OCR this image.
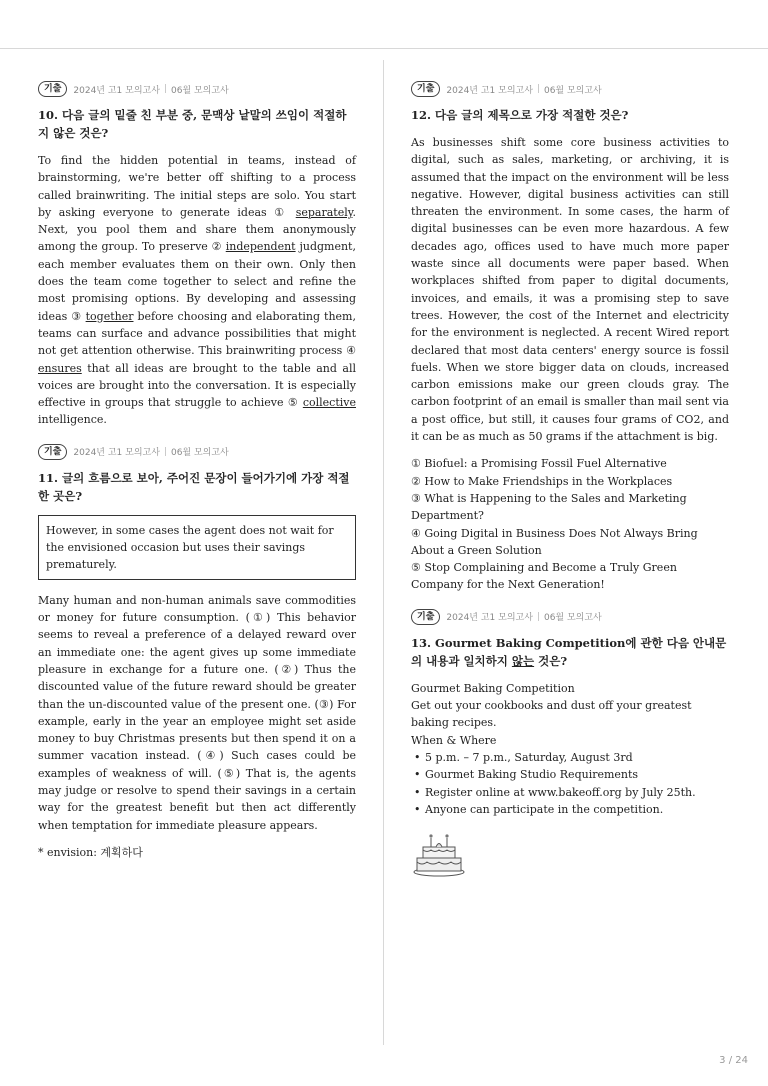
기출	2024년 고1 모의고사 | 06월 모의고사
10. 다음 글의 밑줄 친 부분 중, 문맥상 낱말의 쓰임이 적절하지 않은 것은?

To find the hidden potential in teams, instead of brainstorming, we're better off shifting to a process called brainwriting. The initial steps are solo. You start by asking everyone to generate ideas ① separately. Next, you pool them and share them anonymously among the group. To preserve ② independent judgment, each member evaluates them on their own. Only then does the team come together to select and refine the most promising options. By developing and assessing ideas ③ together before choosing and elaborating them, teams can surface and advance possibilities that might not get attention otherwise. This brainwriting process ④ ensures that all ideas are brought to the table and all voices are brought into the conversation. It is especially effective in groups that struggle to achieve ⑤ collective intelligence.

기출	2024년 고1 모의고사 | 06월 모의고사
11. 글의 흐름으로 보아, 주어진 문장이 들어가기에 가장 적절한 곳은?
However, in some cases the agent does not wait for the envisioned occasion but uses their savings prematurely.

Many human and non-human animals save commodities or money for future consumption. (①) This behavior seems to reveal a preference of a delayed reward over an immediate one: the agent gives up some immediate pleasure in exchange for a future one. (②) Thus the discounted value of the future reward should be greater than the un-discounted value of the present one. (③) For example, early in the year an employee might set aside money to buy Christmas presents but then spend it on a summer vacation instead. (④) Such cases could be examples of weakness of will. (⑤) That is, the agents may judge or resolve to spend their savings in a certain way for the greatest benefit but then act differently when temptation for immediate pleasure appears.

* envision: 계획하다

기출	2024년 고1 모의고사 | 06월 모의고사
12. 다음 글의 제목으로 가장 적절한 것은?

As businesses shift some core business activities to digital, such as sales, marketing, or archiving, it is assumed that the impact on the environment will be less negative. However, digital business activities can still threaten the environment. In some cases, the harm of digital businesses can be even more hazardous. A few decades ago, offices used to have much more paper waste since all documents were paper based. When workplaces shifted from paper to digital documents, invoices, and emails, it was a promising step to save trees. However, the cost of the Internet and electricity for the environment is neglected. A recent Wired report declared that most data centers' energy source is fossil fuels. When we store bigger data on clouds, increased carbon emissions make our green clouds gray. The carbon footprint of an email is smaller than mail sent via a post office, but still, it causes four grams of CO2, and it can be as much as 50 grams if the attachment is big.

① Biofuel: a Promising Fossil Fuel Alternative
② How to Make Friendships in the Workplaces
③ What is Happening to the Sales and Marketing Department?
④ Going Digital in Business Does Not Always Bring About a Green Solution
⑤ Stop Complaining and Become a Truly Green Company for the Next Generation!
기출	2024년 고1 모의고사 | 06월 모의고사
13. Gourmet Baking Competition에 관한 다음 안내문의 내용과 일치하지 않는 것은?

Gourmet Baking Competition

Get out your cookbooks and dust off your greatest baking recipes.

When & Where

• 5 p.m. – 7 p.m., Saturday, August 3rd
• Gourmet Baking Studio Requirements
• Register online at www.bakeoff.org by July 25th.
• Anyone can participate in the competition.
3 / 24
